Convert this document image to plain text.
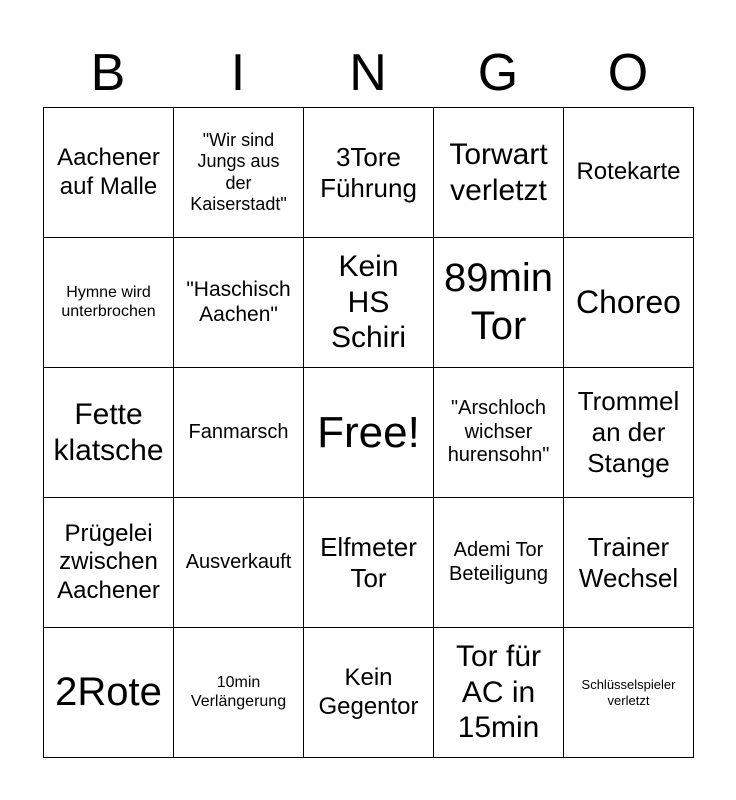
B	I	N	G	O
Aachener
auf Malle	"Wir sind
Jungs aus
der
Kaiserstadt"	3Tore
Führung	Torwart
verletzt	Rotekarte

Hymne wird
unterbrochen	"Haschisch
Aachen"	Kein
HS
Schiri	89min
Tor	Choreo

Fette
klatsche	Fanmarsch	Free!	"Arschloch
wichser
hurensohn"	Trommel
an der
Stange

Prügelei
zwischen
Aachener	Ausverkauft	Elfmeter
Tor	Ademi Tor
Beteiligung	Trainer
Wechsel

2Rote	10min
Verlängerung	Kein
Gegentor	Tor für
AC in
15min	Schlüsselspieler
verletzt
